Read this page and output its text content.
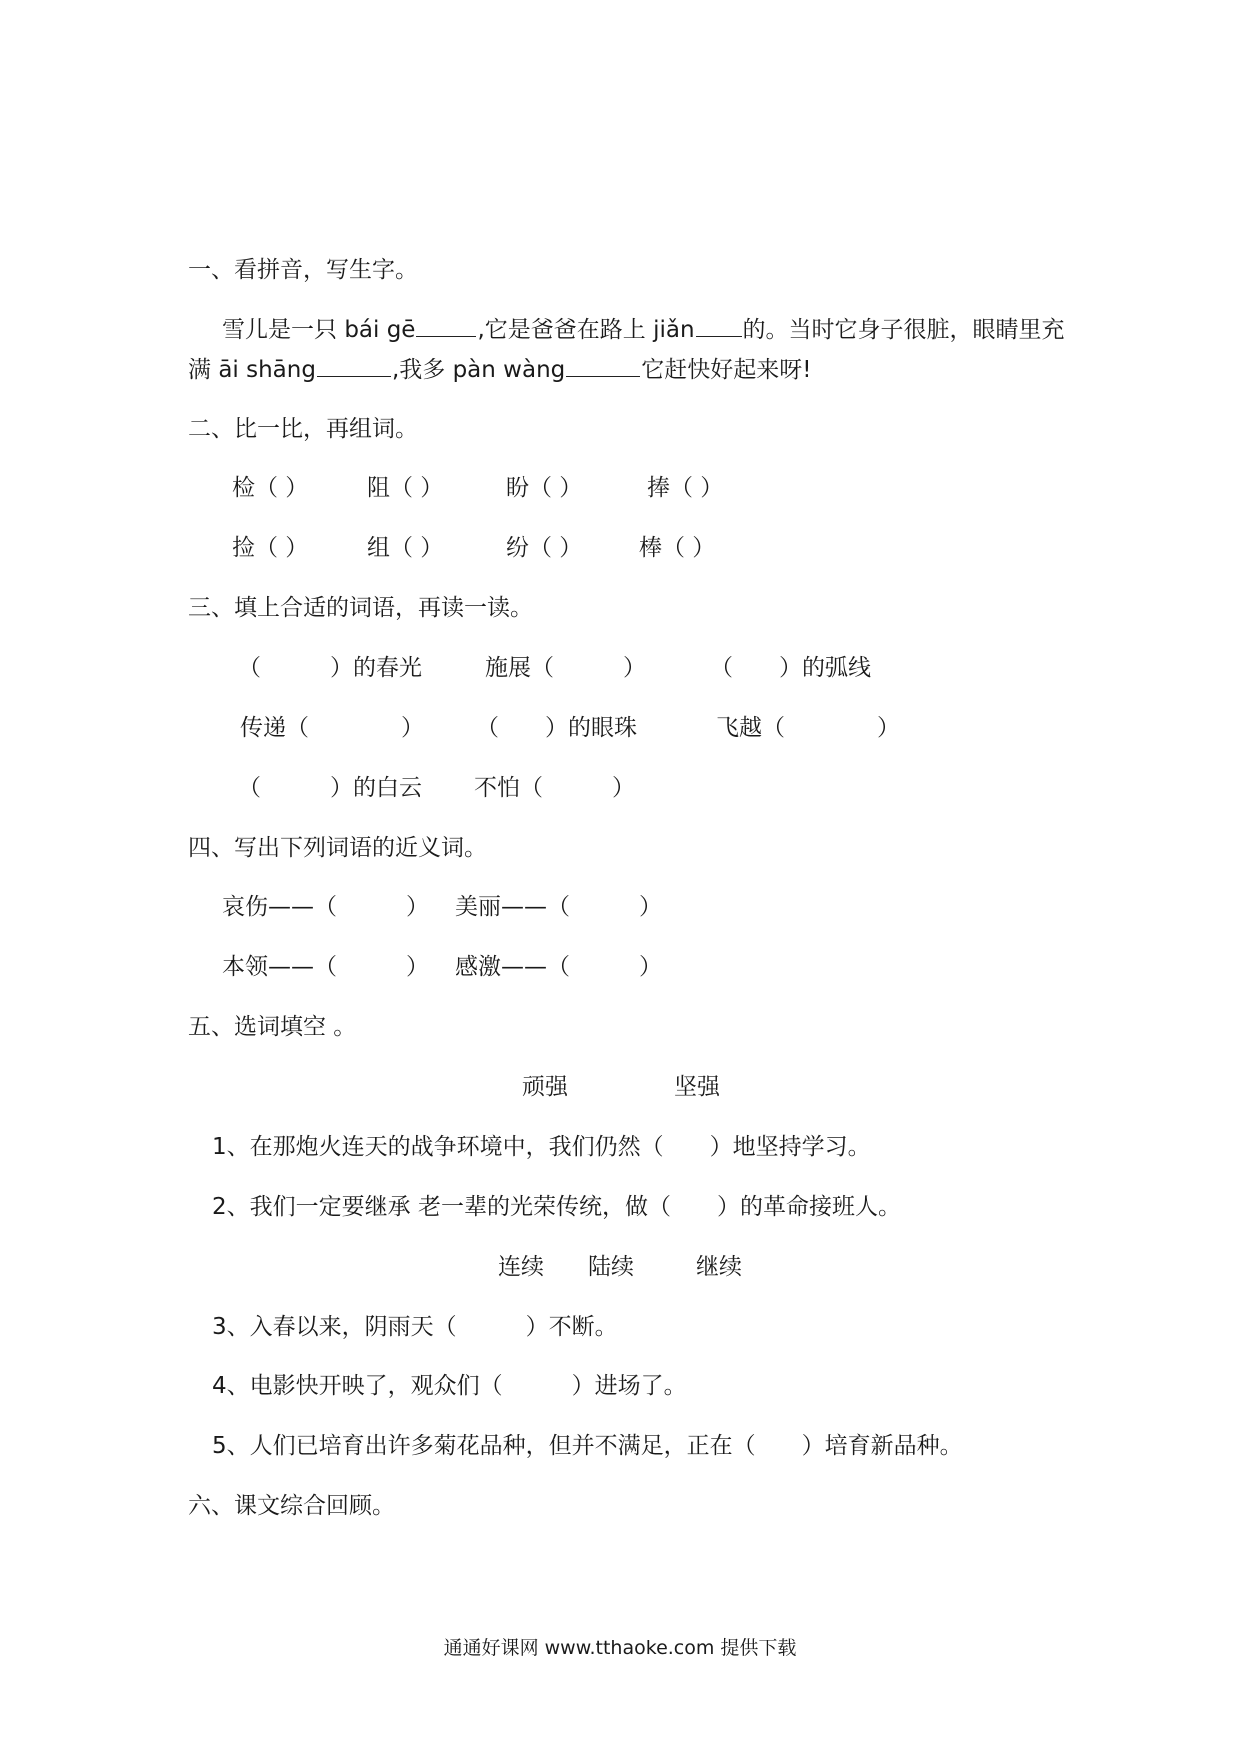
一、看拼音，写生字。
雪儿是一只 bái gē	,它是爸爸在路上 jiǎn 的。当时它身子很脏，眼睛里充
满 āi shāng	,我多 pàn wàng	它赶快好起来呀!
二、比一比，再组词。
检（ ）	阻（ ）	盼（ ）	捧（ ）
捡（ ）	组（ ）	纷（ ） 棒（ ）
三、填上合适的词语，再读一读。
（　　　）的春光	施展（　　　）	（　　）的弧线
传递（　　　　） （　　）的眼珠	飞越（　　　　）
（　　　）的白云 不怕（　　　）
四、写出下列词语的近义词。
哀伤——（　　　） 美丽——（　　　）
本领——（　　　） 感激——（　　　）
五、选词填空 。
顽强	坚强
1、在那炮火连天的战争环境中，我们仍然（　　）地坚持学习。
2、我们一定要继承 老一辈的光荣传统，做（　　）的革命接班人。
连续 陆续	继续
3、入春以来，阴雨天（　　　）不断。
4、电影快开映了，观众们（　　　）进场了。
5、人们已培育出许多菊花品种，但并不满足，正在（　　）培育新品种。
六、课文综合回顾。
通通好课网 www.tthaoke.com 提供下载
